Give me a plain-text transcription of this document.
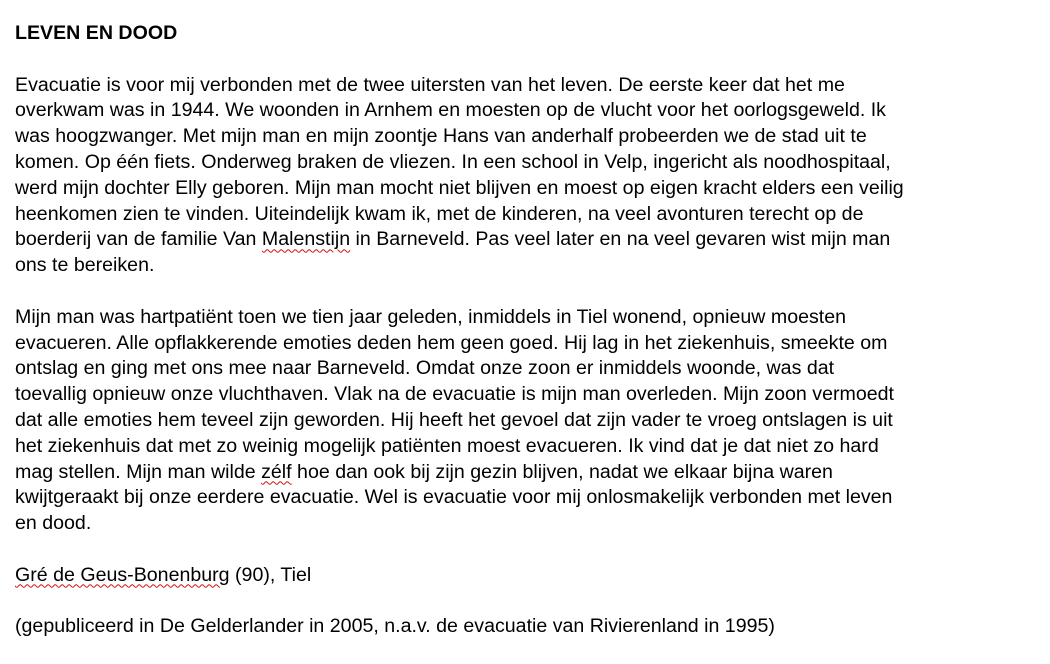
LEVEN EN DOOD
Evacuatie is voor mij verbonden met de twee uitersten van het leven. De eerste keer dat het me
overkwam was in 1944. We woonden in Arnhem en moesten op de vlucht voor het oorlogsgeweld. Ik
was hoogzwanger. Met mijn man en mijn zoontje Hans van anderhalf probeerden we de stad uit te
komen. Op één fiets. Onderweg braken de vliezen. In een school in Velp, ingericht als noodhospitaal,
werd mijn dochter Elly geboren. Mijn man mocht niet blijven en moest op eigen kracht elders een veilig
heenkomen zien te vinden. Uiteindelijk kwam ik, met de kinderen, na veel avonturen terecht op de
boerderij van de familie Van Malenstijn in Barneveld. Pas veel later en na veel gevaren wist mijn man
ons te bereiken.
Mijn man was hartpatiënt toen we tien jaar geleden, inmiddels in Tiel wonend, opnieuw moesten
evacueren. Alle opflakkerende emoties deden hem geen goed. Hij lag in het ziekenhuis, smeekte om
ontslag en ging met ons mee naar Barneveld. Omdat onze zoon er inmiddels woonde, was dat
toevallig opnieuw onze vluchthaven. Vlak na de evacuatie is mijn man overleden. Mijn zoon vermoedt
dat alle emoties hem teveel zijn geworden. Hij heeft het gevoel dat zijn vader te vroeg ontslagen is uit
het ziekenhuis dat met zo weinig mogelijk patiënten moest evacueren. Ik vind dat je dat niet zo hard
mag stellen. Mijn man wilde zélf hoe dan ook bij zijn gezin blijven, nadat we elkaar bijna waren
kwijtgeraakt bij onze eerdere evacuatie. Wel is evacuatie voor mij onlosmakelijk verbonden met leven
en dood.
Gré de Geus-Bonenburg (90), Tiel
(gepubliceerd in De Gelderlander in 2005, n.a.v. de evacuatie van Rivierenland in 1995)
